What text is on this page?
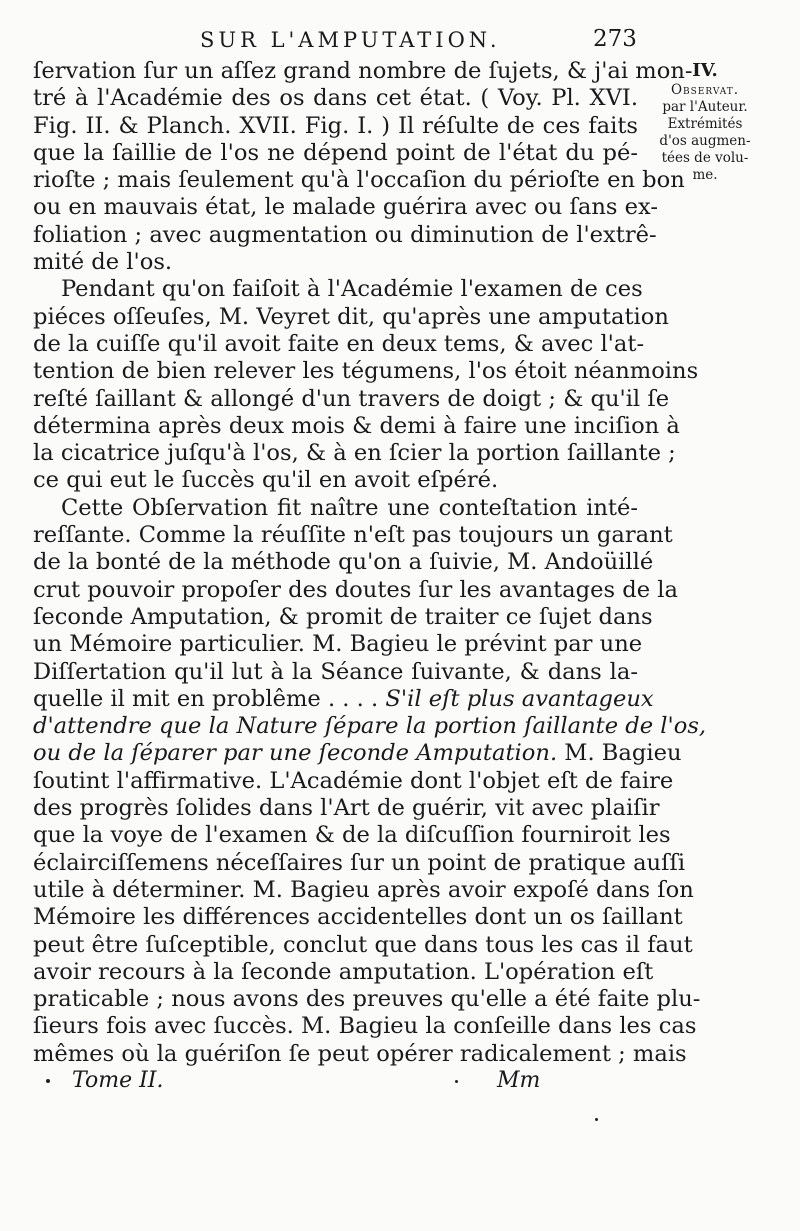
SUR L'AMPUTATION.	273
IV.
Observat.
par l'Auteur.
Extrémités
d'os augmen-
tées de volu-
me.
ſervation ſur un aſſez grand nombre de ſujets, & j'ai mon-
tré à l'Académie des os dans cet état. ( Voy. Pl. XVI.
Fig. II. & Planch. XVII. Fig. I. ) Il réſulte de ces faits
que la ſaillie de l'os ne dépend point de l'état du pé-
rioſte ; mais ſeulement qu'à l'occaſion du périoſte en bon
ou en mauvais état, le malade guérira avec ou ſans ex-
foliation ; avec augmentation ou diminution de l'extrê-
mité de l'os.
Pendant qu'on faiſoit à l'Académie l'examen de ces
piéces oſſeuſes, M. Veyret dit, qu'après une amputation
de la cuiſſe qu'il avoit faite en deux tems, & avec l'at-
tention de bien relever les tégumens, l'os étoit néanmoins
reſté ſaillant & allongé d'un travers de doigt ; & qu'il ſe
détermina après deux mois & demi à faire une inciſion à
la cicatrice juſqu'à l'os, & à en ſcier la portion ſaillante ;
ce qui eut le ſuccès qu'il en avoit eſpéré.
Cette Obſervation fit naître une conteſtation inté-
reſſante. Comme la réuſſite n'eſt pas toujours un garant
de la bonté de la méthode qu'on a ſuivie, M. Andoüillé
crut pouvoir propoſer des doutes ſur les avantages de la
ſeconde Amputation, & promit de traiter ce ſujet dans
un Mémoire particulier. M. Bagieu le prévint par une
Diſſertation qu'il lut à la Séance ſuivante, & dans la-
quelle il mit en problême . . . . S'il eſt plus avantageux
d'attendre que la Nature ſépare la portion ſaillante de l'os,
ou de la ſéparer par une ſeconde Amputation. M. Bagieu
ſoutint l'affirmative. L'Académie dont l'objet eſt de faire
des progrès ſolides dans l'Art de guérir, vit avec plaiſir
que la voye de l'examen & de la diſcuſſion fourniroit les
éclairciſſemens néceſſaires ſur un point de pratique auſſi
utile à déterminer. M. Bagieu après avoir expoſé dans ſon
Mémoire les différences accidentelles dont un os ſaillant
peut être ſuſceptible, conclut que dans tous les cas il faut
avoir recours à la ſeconde amputation. L'opération eſt
praticable ; nous avons des preuves qu'elle a été faite plu-
ſieurs fois avec ſuccès. M. Bagieu la conſeille dans les cas
mêmes où la guériſon ſe peut opérer radicalement ; mais
Tome II.	Mm
